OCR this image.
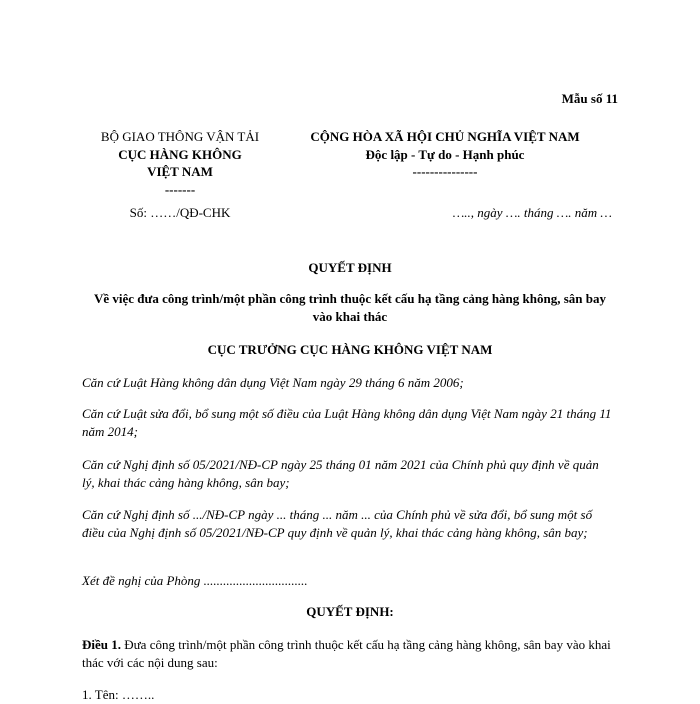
Mẫu số 11
BỘ GIAO THÔNG VẬN TẢI
CỤC HÀNG KHÔNG
VIỆT NAM
-------
CỘNG HÒA XÃ HỘI CHỦ NGHĨA VIỆT NAM
Độc lập - Tự do - Hạnh phúc
---------------
Số: ……/QĐ-CHK	….., ngày …. tháng …. năm …
QUYẾT ĐỊNH
Về việc đưa công trình/một phần công trình thuộc kết cấu hạ tầng cảng hàng không, sân bay vào khai thác
CỤC TRƯỞNG CỤC HÀNG KHÔNG VIỆT NAM
Căn cứ Luật Hàng không dân dụng Việt Nam ngày 29 tháng 6 năm 2006;
Căn cứ Luật sửa đổi, bổ sung một số điều của Luật Hàng không dân dụng Việt Nam ngày 21 tháng 11 năm 2014;
Căn cứ Nghị định số 05/2021/NĐ-CP ngày 25 tháng 01 năm 2021 của Chính phủ quy định về quản lý, khai thác cảng hàng không, sân bay;
Căn cứ Nghị định số .../NĐ-CP ngày ... tháng ... năm ... của Chính phủ về sửa đổi, bổ sung một số điều của Nghị định số 05/2021/NĐ-CP quy định về quản lý, khai thác cảng hàng không, sân bay;
Xét đề nghị của Phòng ................................
QUYẾT ĐỊNH:
Điều 1. Đưa công trình/một phần công trình thuộc kết cấu hạ tầng cảng hàng không, sân bay vào khai thác với các nội dung sau:
1. Tên: ……..
